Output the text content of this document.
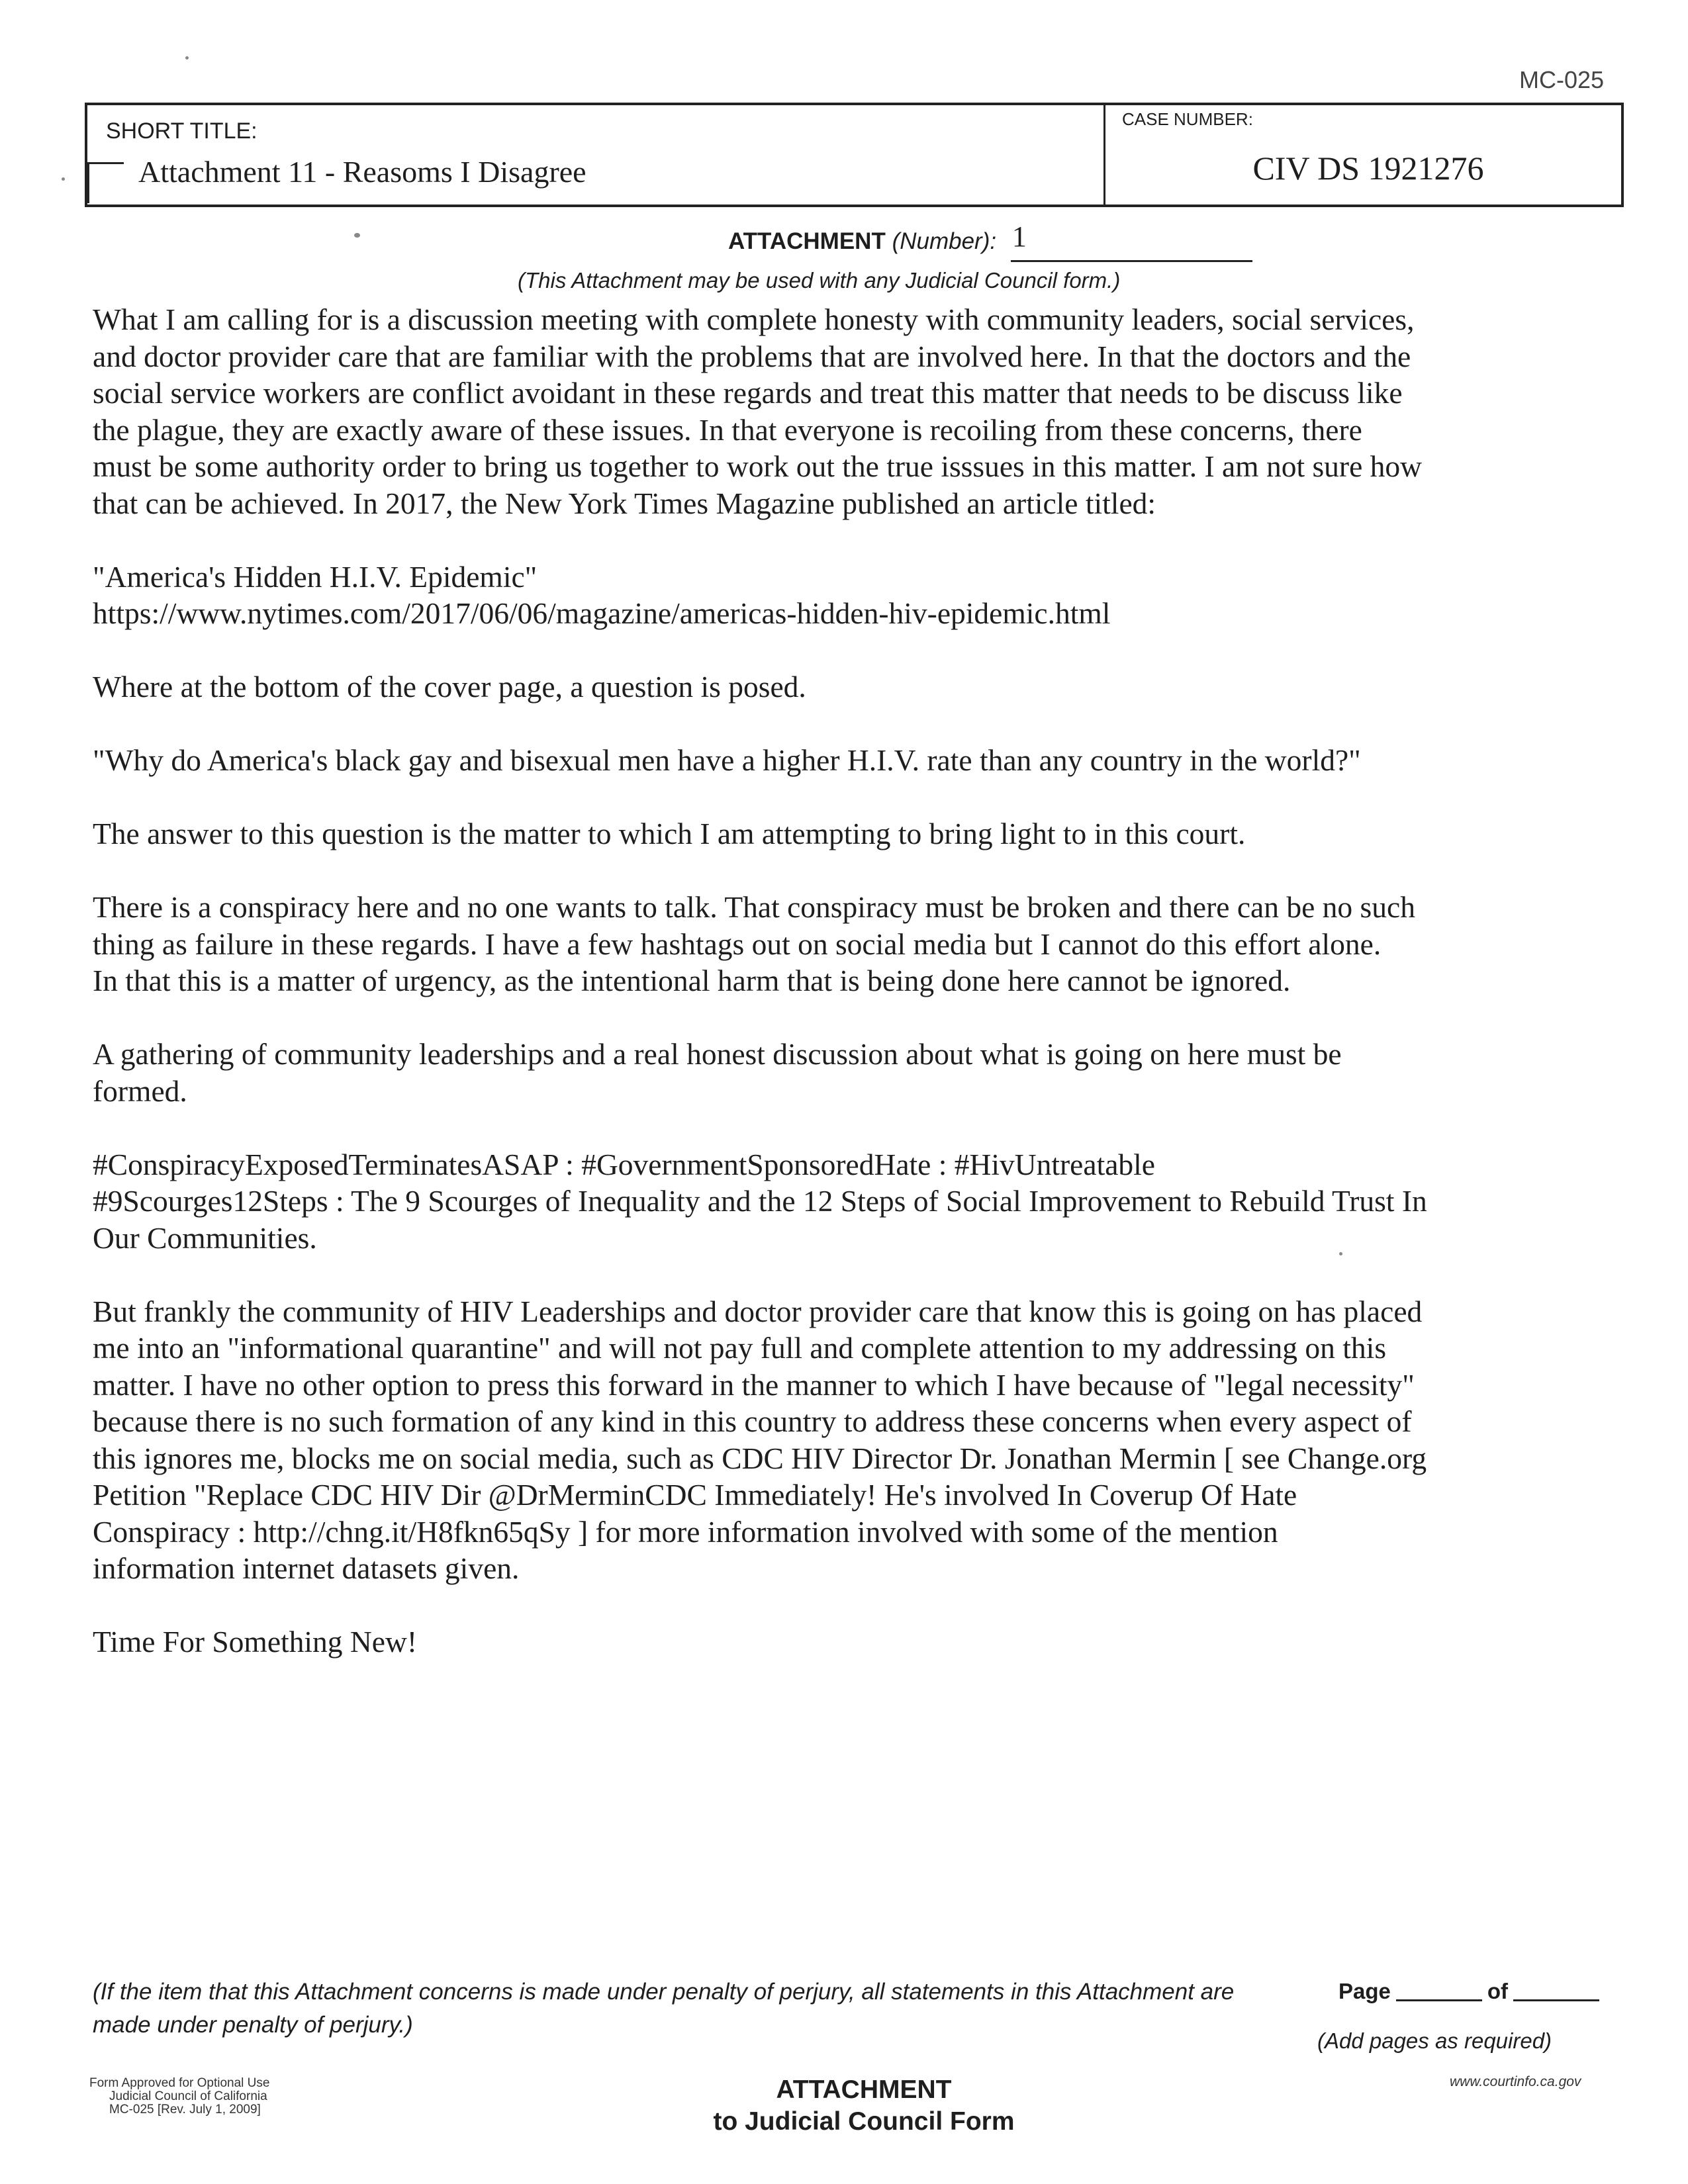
MC-025
SHORT TITLE:
Attachment 11 - Reasoms I Disagree
CASE NUMBER:
CIV DS 1921276
ATTACHMENT (Number): 1
(This Attachment may be used with any Judicial Council form.)

What I am calling for is a discussion meeting with complete honesty with community leaders, social services,
and doctor provider care that are familiar with the problems that are involved here. In that the doctors and the
social service workers are conflict avoidant in these regards and treat this matter that needs to be discuss like
the plague, they are exactly aware of these issues. In that everyone is recoiling from these concerns, there
must be some authority order to bring us together to work out the true isssues in this matter. I am not sure how
that can be achieved. In 2017, the New York Times Magazine published an article titled:

"America's Hidden H.I.V. Epidemic"
https://www.nytimes.com/2017/06/06/magazine/americas-hidden-hiv-epidemic.html

Where at the bottom of the cover page, a question is posed.

"Why do America's black gay and bisexual men have a higher H.I.V. rate than any country in the world?"

The answer to this question is the matter to which I am attempting to bring light to in this court.

There is a conspiracy here and no one wants to talk. That conspiracy must be broken and there can be no such
thing as failure in these regards. I have a few hashtags out on social media but I cannot do this effort alone.
In that this is a matter of urgency, as the intentional harm that is being done here cannot be ignored.

A gathering of community leaderships and a real honest discussion about what is going on here must be
formed.

#ConspiracyExposedTerminatesASAP : #GovernmentSponsoredHate : #HivUntreatable
#9Scourges12Steps : The 9 Scourges of Inequality and the 12 Steps of Social Improvement to Rebuild Trust In
Our Communities.

But frankly the community of HIV Leaderships and doctor provider care that know this is going on has placed
me into an "informational quarantine" and will not pay full and complete attention to my addressing on this
matter. I have no other option to press this forward in the manner to which I have because of "legal necessity"
because there is no such formation of any kind in this country to address these concerns when every aspect of
this ignores me, blocks me on social media, such as CDC HIV Director Dr. Jonathan Mermin [ see Change.org
Petition "Replace CDC HIV Dir @DrMerminCDC Immediately! He's involved In Coverup Of Hate
Conspiracy : http://chng.it/H8fkn65qSy ] for more information involved with some of the mention
information internet datasets given.

Time For Something New!

(If the item that this Attachment concerns is made under penalty of perjury, all statements in this Attachment are made under penalty of perjury.)
Page	of
(Add pages as required)
Form Approved for Optional Use
Judicial Council of California
MC-025 [Rev. July 1, 2009]
ATTACHMENT
to Judicial Council Form
www.courtinfo.ca.gov
